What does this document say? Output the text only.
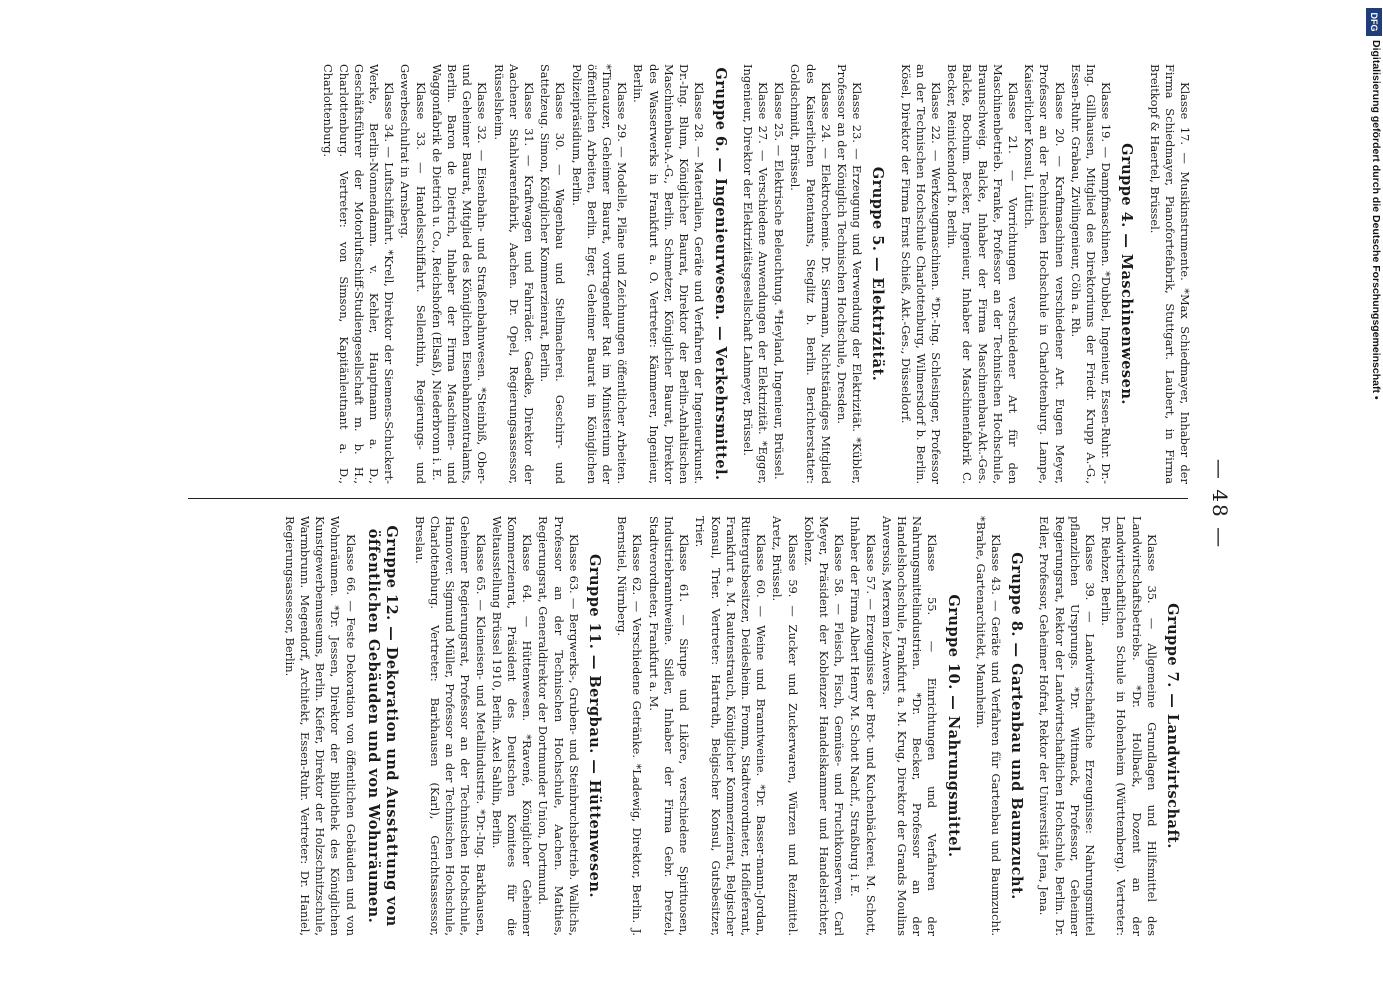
DFG
Digitalisierung gefördert durch die Deutsche Forschungsgemeinschaft •
— 48 —

Klasse 17. — Musikinstrumente. *Max Schiedmayer, Inhaber der Firma Schiedmayer, Pianofortefabrik, Stuttgart. Laubert, in Firma Breitkopf & Haertel, Brüssel.

Gruppe 4. — Maschinenwesen.

Klasse 19. — Dampfmaschinen. *Dubbel, Ingenieur, Essen-Ruhr. Dr.-Ing. Gillhausen, Mitglied des Direktoriums der Friedr. Krupp A.-G., Essen-Ruhr. Grabau, Zivilingenieur, Cöln a. Rh.

Klasse 20. — Kraftmaschinen verschiedener Art. Eugen Meyer, Professor an der Technischen Hochschule in Charlottenburg. Lampe, Kaiserlicher Konsul, Lüttich.

Klasse 21. — Vorrichtungen verschiedener Art für den Maschinenbetrieb. Franke, Professor an der Technischen Hochschule, Braunschweig. Balcke, Inhaber der Firma Maschinenbau-Akt.-Ges. Balcke, Bochum. Becker, Ingenieur, Inhaber der Maschinenfabrik C. Becker, Reinickendorf b. Berlin.

Klasse 22. — Werkzeugmaschinen. *Dr.-Ing. Schlesinger, Professor an der Technischen Hochschule Charlottenburg, Wilmersdorf b. Berlin. Kösel, Direktor der Firma Ernst Schieß, Akt.-Ges., Düsseldorf.

Gruppe 5. — Elektrizität.

Klasse 23. — Erzeugung und Verwendung der Elektrizität. *Kübler, Professor an der Königlich Technischen Hochschule, Dresden.

Klasse 24. — Elektrochemie. Dr. Siermann, Nichtständiges Mitglied des Kaiserlichen Patentamts, Steglitz b. Berlin. Berichterstatter: Goldschmidt, Brüssel.

Klasse 25. — Elektrische Beleuchtung. *Heyland, Ingenieur, Brüssel.

Klasse 27. — Verschiedene Anwendungen der Elektrizität. *Egger, Ingenieur, Direktor der Elektrizitätsgesellschaft Lahmeyer, Brüssel.

Gruppe 6. — Ingenieurwesen. — Verkehrsmittel.

Klasse 28. — Materialien, Geräte und Verfahren der Ingenieurkunst. Dr.-Ing. Blum, Königlicher Baurat, Direktor der Berlin-Anhaltischen Maschinenbau-A.-G., Berlin. Schmetzer, Königlicher Baurat, Direktor des Wasserwerks in Frankfurt a. O. Vertreter: Kämmerer, Ingenieur, Berlin.

Klasse 29. — Modelle, Pläne und Zeichnungen öffentlicher Arbeiten. *Tincauzer, Geheimer Baurat, vortragender Rat im Ministerium der öffentlichen Arbeiten, Berlin. Eger, Geheimer Baurat im Königlichen Polizeipräsidium, Berlin.

Klasse 30. — Wagenbau und Stellmacherei. Geschirr- und Sattelzeug. Simon, Königlicher Kommerzienrat, Berlin.

Klasse 31. — Kraftwagen und Fahrräder. Gaedke, Direktor der Aachener Stahlwarenfabrik, Aachen. Dr. Opel, Regierungsassessor, Rüsselsheim.

Klasse 32. — Eisenbahn- und Straßenbahnwesen. *Steinbiß, Ober- und Geheimer Baurat, Mitglied des Königlichen Eisenbahnzentralamts, Berlin. Baron de Dietrich, Inhaber der Firma Maschinen- und Waggonfabrik de Dietrich u. Co., Reichshofen (Elsaß), Niederbronn i. E.

Klasse 33. — Handelsschiffahrt. Sellenthin, Regierungs- und Gewerbeschulrat in Arnsberg.

Klasse 34. — Luftschiffahrt. *Krell, Direktor der Siemens-Schuckert-Werke, Berlin-Nonnendamm. v. Kehler, Hauptmann a. D., Geschäftsführer der Motorluftschiff-Studiengesellschaft m. b. H., Charlottenburg. Vertreter: von Simson, Kapitänleutnant a. D., Charlottenburg.

Gruppe 7. — Landwirtschaft.

Klasse 35. — Allgemeine Grundlagen und Hilfsmittel des Landwirtschaftsbetriebs. *Dr. Hollback, Dozent an der Landwirtschaftlichen Schule in Hohenheim (Württemberg). Vertreter: Dr. Riehzer, Berlin.

Klasse 39. — Landwirtschaftliche Erzeugnisse: Nahrungsmittel pflanzlichen Ursprungs. *Dr. Wittmack, Professor, Geheimer Regierungsrat, Rektor der Landwirtschaftlichen Hochschule, Berlin. Dr. Edler, Professor, Geheimer Hofrat, Rektor der Universität Jena, Jena.

Gruppe 8. — Gartenbau und Baumzucht.

Klasse 43. — Geräte und Verfahren für Gartenbau und Baumzucht. *Brahe, Gartenarchitekt, Mannheim.

Gruppe 10. — Nahrungsmittel.

Klasse 55. — Einrichtungen und Verfahren der Nahrungsmittelindustrien. *Dr. Becker, Professor an der Handelshochschule, Frankfurt a. M. Krug, Direktor der Grands Moulins Anversois, Merxem lez-Anvers.

Klasse 57. — Erzeugnisse der Brot- und Kuchenbäckerei. M. Schott, Inhaber der Firma Albert Henry M. Schott Nachf., Straßburg i. E.

Klasse 58. — Fleisch, Fisch, Gemüse- und Fruchtkonserven. Carl Meyer, Präsident der Koblenzer Handelskammer und Handelsrichter, Koblenz.

Klasse 59. — Zucker und Zuckerwaren, Würzen und Reizmittel. Aretz, Brüssel.

Klasse 60. — Weine und Branntweine. *Dr. Basser-mann-Jordan, Rittergutsbesitzer, Deidesheim. Fromm, Stadtverordneter, Hoflieferant, Frankfurt a. M. Rautenstrauch, Königlicher Kommerzienrat, Belgischer Konsul, Trier. Vertreter: Hartrath, Belgischer Konsul, Gutsbesitzer, Trier.

Klasse 61. — Sirupe und Liköre, verschiedene Spirituosen, Industriebranntweine. Sidler, Inhaber der Firma Gebr. Dretzel, Stadtverordneter, Frankfurt a. M.

Klasse 62. — Verschiedene Getränke. *Ladewig, Direktor, Berlin. J. Bernstiel, Nürnberg.

Gruppe 11. — Bergbau. — Hüttenwesen.

Klasse 63. — Bergwerks-, Gruben- und Steinbruchsbetrieb. Wallichs, Professor an der Technischen Hochschule, Aachen. Mathies, Regierungsrat, Generaldirektor der Dortmunder Union, Dortmund.

Klasse 64. — Hüttenwesen. *Ravené, Königlicher Geheimer Kommerzienrat, Präsident des Deutschen Komitees für die Weltausstellung Brüssel 1910, Berlin. Axel Sahlin, Berlin.

Klasse 65. — Kleineisen- und Metallindustrie. *Dr.-Ing. Barkhausen, Geheimer Regierungsrat, Professor an der Technischen Hochschule, Hannover. Sigmund Müller, Professor an der Technischen Hochschule, Charlottenburg. Vertreter: Barkhausen (Karl), Gerichtsassessor, Breslau.

Gruppe 12. — Dekoration und Ausstattung von öffentlichen Gebäuden und von Wohnräumen.

Klasse 66. — Feste Dekoration von öffentlichen Gebäuden und von Wohnräumen. *Dr. Jessen, Direktor der Bibliothek des Königlichen Kunstgewerbemuseums, Berlin. Kiefer, Direktor der Holzschnitzschule, Warmbrunn. Megendorf, Architekt, Essen-Ruhr. Vertreter: Dr. Haniel, Regierungsassessor, Berlin.
